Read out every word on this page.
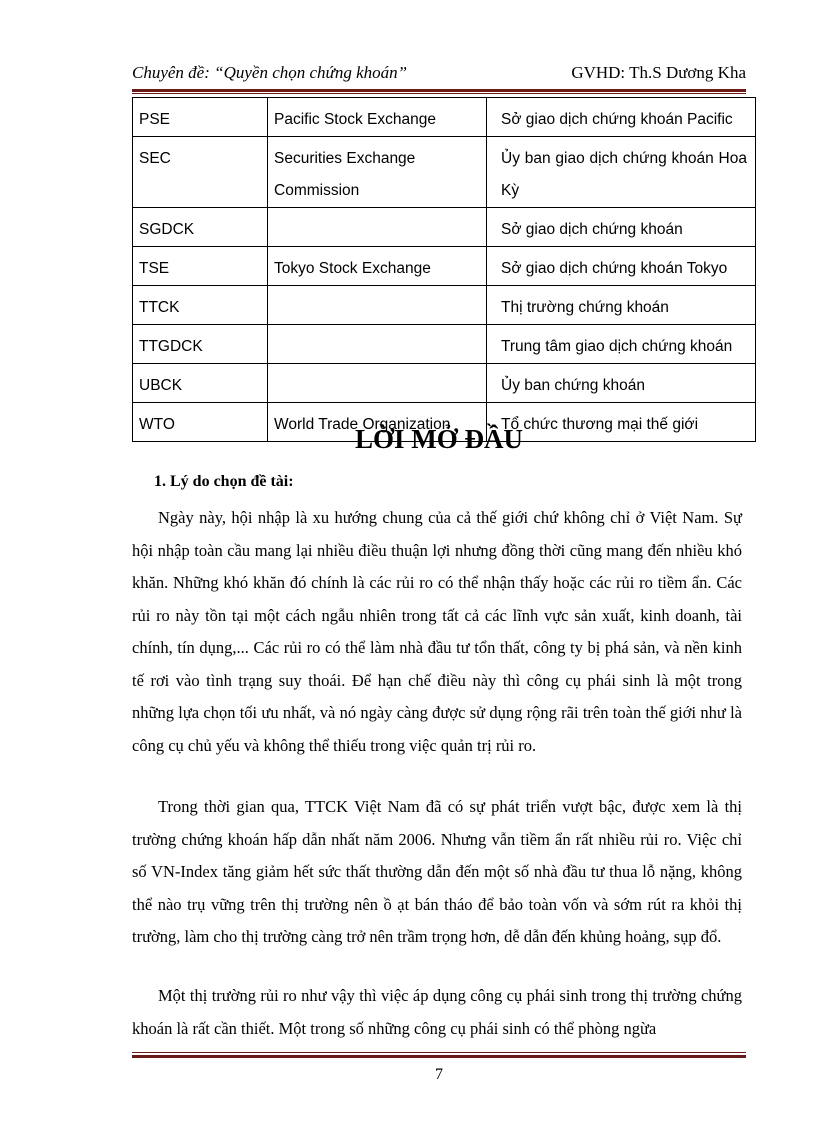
Chuyên đề: “Quyền chọn chứng khoán”	GVHD: Th.S Dương Kha
PSE	Pacific Stock Exchange	Sở giao dịch chứng khoán Pacific
SEC	Securities Exchange Commission	Ủy ban giao dịch chứng khoán Hoa Kỳ
SGDCK		Sở giao dịch chứng khoán
TSE	Tokyo Stock Exchange	Sở giao dịch chứng khoán Tokyo
TTCK		Thị trường chứng khoán
TTGDCK		Trung tâm giao dịch chứng khoán
UBCK		Ủy ban chứng khoán
WTO	World Trade Organization	Tổ chức thương mại thế giới
LỜI MỞ ĐẦU
1. Lý do chọn đề tài:

Ngày này, hội nhập là xu hướng chung của cả thế giới chứ không chỉ ở Việt Nam. Sự hội nhập toàn cầu mang lại nhiều điều thuận lợi nhưng đồng thời cũng mang đến nhiều khó khăn. Những khó khăn đó chính là các rủi ro có thể nhận thấy hoặc các rủi ro tiềm ẩn. Các rủi ro này tồn tại một cách ngẫu nhiên trong tất cả các lĩnh vực sản xuất, kinh doanh, tài chính, tín dụng,... Các rủi ro có thể làm nhà đầu tư tổn thất, công ty bị phá sản, và nền kinh tế rơi vào tình trạng suy thoái. Để hạn chế điều này thì công cụ phái sinh là một trong những lựa chọn tối ưu nhất, và nó ngày càng được sử dụng rộng rãi trên toàn thế giới như là công cụ chủ yếu và không thể thiếu trong việc quản trị rủi ro.

Trong thời gian qua, TTCK Việt Nam đã có sự phát triển vượt bậc, được xem là thị trường chứng khoán hấp dẫn nhất năm 2006. Nhưng vẫn tiềm ẩn rất nhiều rủi ro. Việc chỉ số VN-Index tăng giảm hết sức thất thường dẫn đến một số nhà đầu tư thua lỗ nặng, không thể nào trụ vững trên thị trường nên ồ ạt bán tháo để bảo toàn vốn và sớm rút ra khỏi thị trường, làm cho thị trường càng trở nên trầm trọng hơn, dễ dẫn đến khủng hoảng, sụp đổ.

Một thị trường rủi ro như vậy thì việc áp dụng công cụ phái sinh trong thị trường chứng khoán là rất cần thiết. Một trong số những công cụ phái sinh có thể phòng ngừa

7
